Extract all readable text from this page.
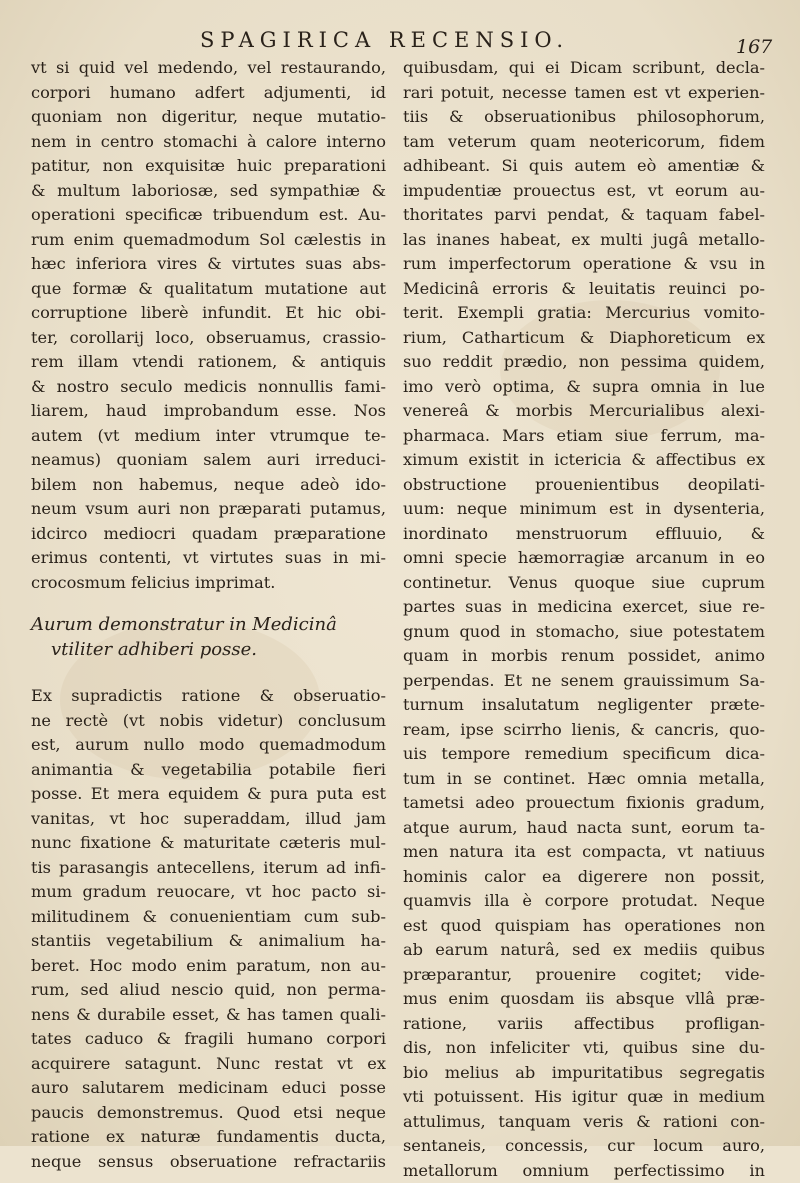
SPAGIRICA RECENSIO.	167
vt si quid vel medendo, vel restaurando,
corpori humano adfert adjumenti, id
quoniam non digeritur, neque mutatio-
nem in centro stomachi à calore interno
patitur, non exquisitæ huic preparationi
& multum laboriosæ, sed sympathiæ &
operationi specificæ tribuendum est. Au-
rum enim quemadmodum Sol cælestis in
hæc inferiora vires & virtutes suas abs-
que formæ & qualitatum mutatione aut
corruptione liberè infundit. Et hic obi-
ter, corollarij loco, obseruamus, crassio-
rem illam vtendi rationem, & antiquis
& nostro seculo medicis nonnullis fami-
liarem, haud improbandum esse. Nos
autem (vt medium inter vtrumque te-
neamus) quoniam salem auri irreduci-
bilem non habemus, neque adeò ido-
neum vsum auri non præparati putamus,
idcirco mediocri quadam præparatione
erimus contenti, vt virtutes suas in mi-
crocosmum felicius imprimat.
Aurum demonstratur in Medicinâ
vtiliter adhiberi posse.
Ex supradictis ratione & obseruatio-
ne rectè (vt nobis videtur) conclusum
est, aurum nullo modo quemadmodum
animantia & vegetabilia potabile fieri
posse. Et mera equidem & pura puta est
vanitas, vt hoc superaddam, illud jam
nunc fixatione & maturitate cæteris mul-
tis parasangis antecellens, iterum ad infi-
mum gradum reuocare, vt hoc pacto si-
militudinem & conuenientiam cum sub-
stantiis vegetabilium & animalium ha-
beret. Hoc modo enim paratum, non au-
rum, sed aliud nescio quid, non perma-
nens & durabile esset, & has tamen quali-
tates caduco & fragili humano corpori
acquirere satagunt. Nunc restat vt ex
auro salutarem medicinam educi posse
paucis demonstremus. Quod etsi neque
ratione ex naturæ fundamentis ducta,
neque sensus obseruatione refractariis
quibusdam, qui ei Dicam scribunt, decla-
rari potuit, necesse tamen est vt experien-
tiis & obseruationibus philosophorum,
tam veterum quam neotericorum, fidem
adhibeant. Si quis autem eò amentiæ &
impudentiæ prouectus est, vt eorum au-
thoritates parvi pendat, & taquam fabel-
las inanes habeat, ex multi jugâ metallo-
rum imperfectorum operatione & vsu in
Medicinâ erroris & leuitatis reuinci po-
terit. Exempli gratia: Mercurius vomito-
rium, Catharticum & Diaphoreticum ex
suo reddit prædio, non pessima quidem,
imo verò optima, & supra omnia in lue
venereâ & morbis Mercurialibus alexi-
pharmaca. Mars etiam siue ferrum, ma-
ximum existit in ictericia & affectibus ex
obstructione prouenientibus deopilati-
uum: neque minimum est in dysenteria,
inordinato menstruorum effluuio, &
omni specie hæmorragiæ arcanum in eo
continetur. Venus quoque siue cuprum
partes suas in medicina exercet, siue re-
gnum quod in stomacho, siue potestatem
quam in morbis renum possidet, animo
perpendas. Et ne senem grauissimum Sa-
turnum insalutatum negligenter præte-
ream, ipse scirrho lienis, & cancris, quo-
uis tempore remedium specificum dica-
tum in se continet. Hæc omnia metalla,
tametsi adeo prouectum fixionis gradum,
atque aurum, haud nacta sunt, eorum ta-
men natura ita est compacta, vt natiuus
hominis calor ea digerere non possit,
quamvis illa è corpore protudat. Neque
est quod quispiam has operationes non
ab earum naturâ, sed ex mediis quibus
præparantur, prouenire cogitet; vide-
mus enim quosdam iis absque vllâ præ-
ratione, variis affectibus profligan-
dis, non infeliciter vti, quibus sine du-
bio melius ab impuritatibus segregatis
vti potuissent. His igitur quæ in medium
attulimus, tanquam veris & rationi con-
sentaneis, concessis, cur locum auro,
metallorum omnium perfectissimo in
